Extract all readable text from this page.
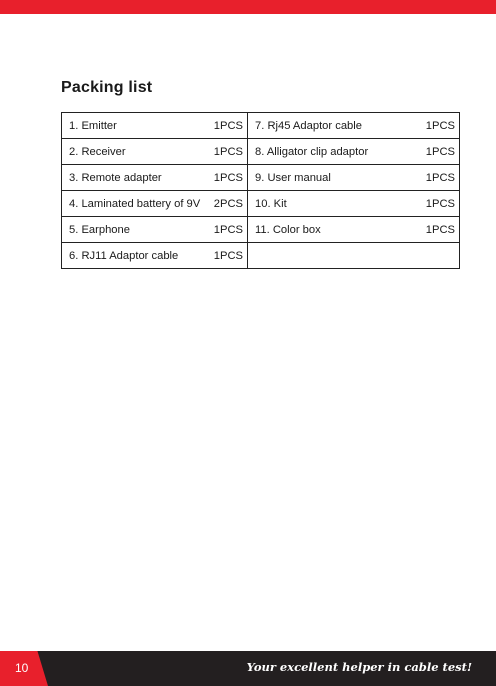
Packing list
1. Emitter 1PCS	7. Rj45 Adaptor cable 1PCS

2. Receiver 1PCS	8. Alligator clip adaptor 1PCS

3. Remote adapter 1PCS	9. User manual 1PCS

4. Laminated battery of 9V 2PCS	10. Kit 1PCS

5. Earphone 1PCS	11. Color box 1PCS

6. RJ11 Adaptor cable 1PCS	

10	Your excellent helper in cable test!
